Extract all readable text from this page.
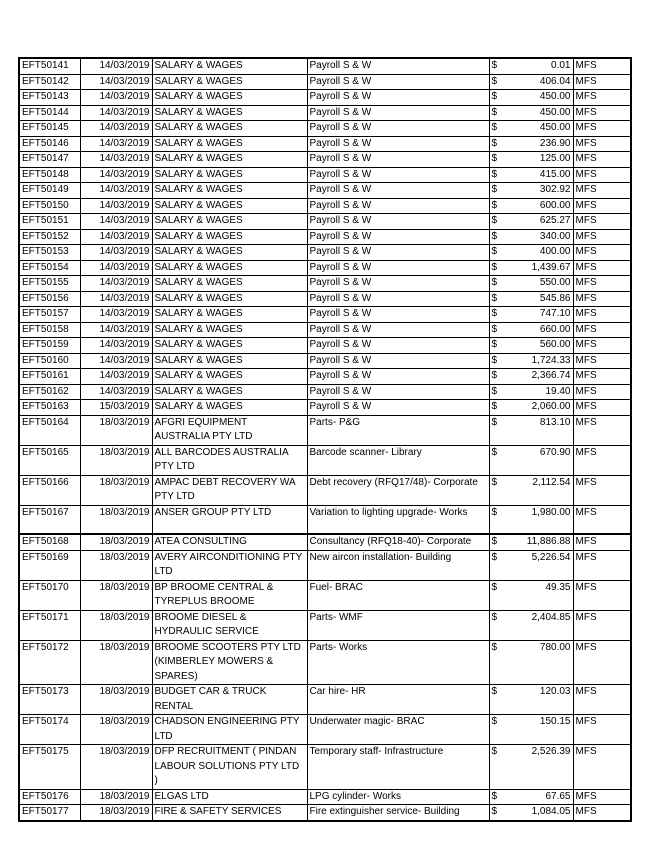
EFT50141	14/03/2019	SALARY & WAGES	Payroll S & W	$ 0.01	MFS
EFT50142	14/03/2019	SALARY & WAGES	Payroll S & W	$ 406.04	MFS
EFT50143	14/03/2019	SALARY & WAGES	Payroll S & W	$ 450.00	MFS
EFT50144	14/03/2019	SALARY & WAGES	Payroll S & W	$ 450.00	MFS
EFT50145	14/03/2019	SALARY & WAGES	Payroll S & W	$ 450.00	MFS
EFT50146	14/03/2019	SALARY & WAGES	Payroll S & W	$ 236.90	MFS
EFT50147	14/03/2019	SALARY & WAGES	Payroll S & W	$ 125.00	MFS
EFT50148	14/03/2019	SALARY & WAGES	Payroll S & W	$ 415.00	MFS
EFT50149	14/03/2019	SALARY & WAGES	Payroll S & W	$ 302.92	MFS
EFT50150	14/03/2019	SALARY & WAGES	Payroll S & W	$ 600.00	MFS
EFT50151	14/03/2019	SALARY & WAGES	Payroll S & W	$ 625.27	MFS
EFT50152	14/03/2019	SALARY & WAGES	Payroll S & W	$ 340.00	MFS
EFT50153	14/03/2019	SALARY & WAGES	Payroll S & W	$ 400.00	MFS
EFT50154	14/03/2019	SALARY & WAGES	Payroll S & W	$ 1,439.67	MFS
EFT50155	14/03/2019	SALARY & WAGES	Payroll S & W	$ 550.00	MFS
EFT50156	14/03/2019	SALARY & WAGES	Payroll S & W	$ 545.86	MFS
EFT50157	14/03/2019	SALARY & WAGES	Payroll S & W	$ 747.10	MFS
EFT50158	14/03/2019	SALARY & WAGES	Payroll S & W	$ 660.00	MFS
EFT50159	14/03/2019	SALARY & WAGES	Payroll S & W	$ 560.00	MFS
EFT50160	14/03/2019	SALARY & WAGES	Payroll S & W	$ 1,724.33	MFS
EFT50161	14/03/2019	SALARY & WAGES	Payroll S & W	$ 2,366.74	MFS
EFT50162	14/03/2019	SALARY & WAGES	Payroll S & W	$ 19.40	MFS
EFT50163	15/03/2019	SALARY & WAGES	Payroll S & W	$ 2,060.00	MFS
EFT50164	18/03/2019	AFGRI EQUIPMENT AUSTRALIA PTY LTD	Parts- P&G	$ 813.10	MFS
EFT50165	18/03/2019	ALL BARCODES AUSTRALIA PTY LTD	Barcode scanner- Library	$ 670.90	MFS
EFT50166	18/03/2019	AMPAC DEBT RECOVERY WA PTY LTD	Debt recovery (RFQ17/48)- Corporate	$ 2,112.54	MFS
EFT50167	18/03/2019	ANSER GROUP PTY LTD	Variation to lighting upgrade- Works	$ 1,980.00	MFS
EFT50168	18/03/2019	ATEA CONSULTING	Consultancy (RFQ18-40)- Corporate	$ 11,886.88	MFS
EFT50169	18/03/2019	AVERY AIRCONDITIONING PTY LTD	New aircon installation- Building	$ 5,226.54	MFS
EFT50170	18/03/2019	BP BROOME CENTRAL & TYREPLUS BROOME	Fuel- BRAC	$ 49.35	MFS
EFT50171	18/03/2019	BROOME DIESEL & HYDRAULIC SERVICE	Parts- WMF	$ 2,404.85	MFS
EFT50172	18/03/2019	BROOME SCOOTERS PTY LTD (KIMBERLEY MOWERS & SPARES)	Parts- Works	$ 780.00	MFS
EFT50173	18/03/2019	BUDGET CAR & TRUCK RENTAL	Car hire- HR	$ 120.03	MFS
EFT50174	18/03/2019	CHADSON ENGINEERING PTY LTD	Underwater magic- BRAC	$ 150.15	MFS
EFT50175	18/03/2019	DFP RECRUITMENT ( PINDAN LABOUR SOLUTIONS PTY LTD )	Temporary staff- Infrastructure	$ 2,526.39	MFS
EFT50176	18/03/2019	ELGAS LTD	LPG cylinder- Works	$ 67.65	MFS
EFT50177	18/03/2019	FIRE & SAFETY SERVICES	Fire extinguisher service- Building	$ 1,084.05	MFS
